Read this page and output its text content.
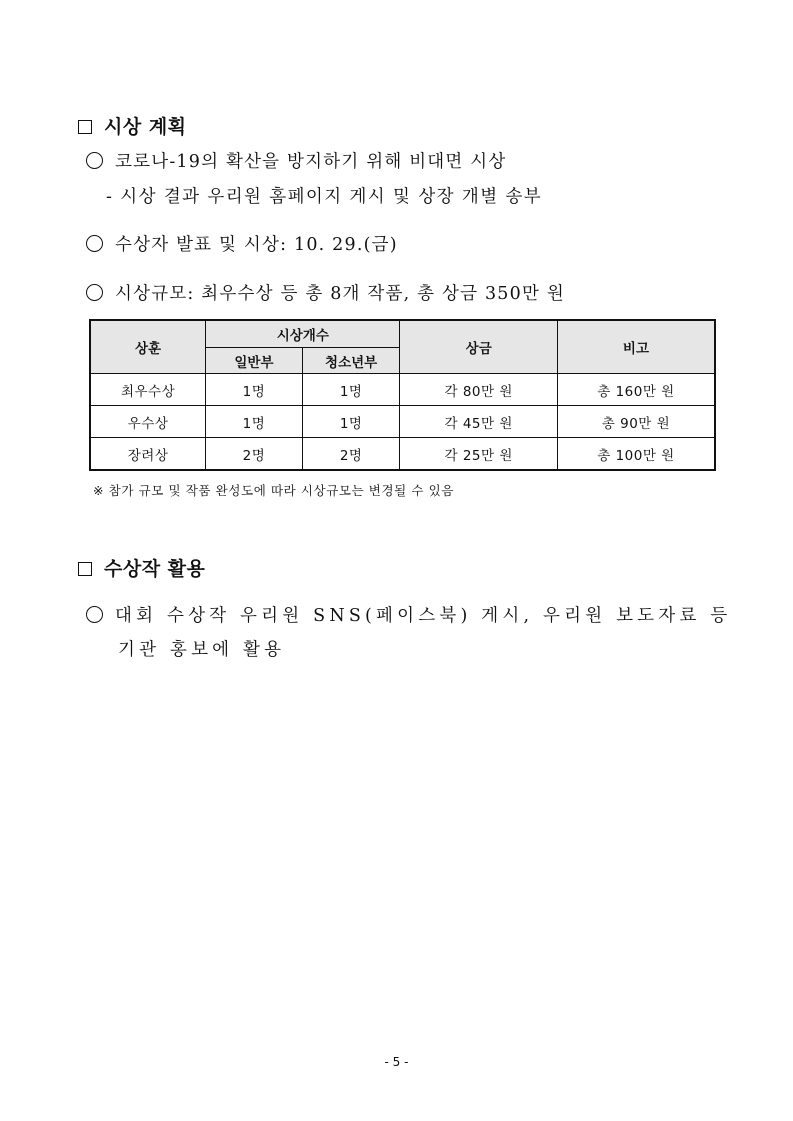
시상 계획
코로나-19의 확산을 방지하기 위해 비대면 시상
- 시상 결과 우리원 홈페이지 게시 및 상장 개별 송부
수상자 발표 및 시상: 10. 29.(금)
시상규모: 최우수상 등 총 8개 작품, 총 상금 350만 원
상훈	시상개수		상금	비고
	일반부	청소년부		
최우수상	1명	1명	각 80만 원	총 160만 원
우수상	1명	1명	각 45만 원	총 90만 원
장려상	2명	2명	각 25만 원	총 100만 원
※ 참가 규모 및 작품 완성도에 따라 시상규모는 변경될 수 있음
수상작 활용
대회 수상작 우리원 SNS(페이스북) 게시, 우리원 보도자료 등
기관 홍보에 활용
- 5 -
